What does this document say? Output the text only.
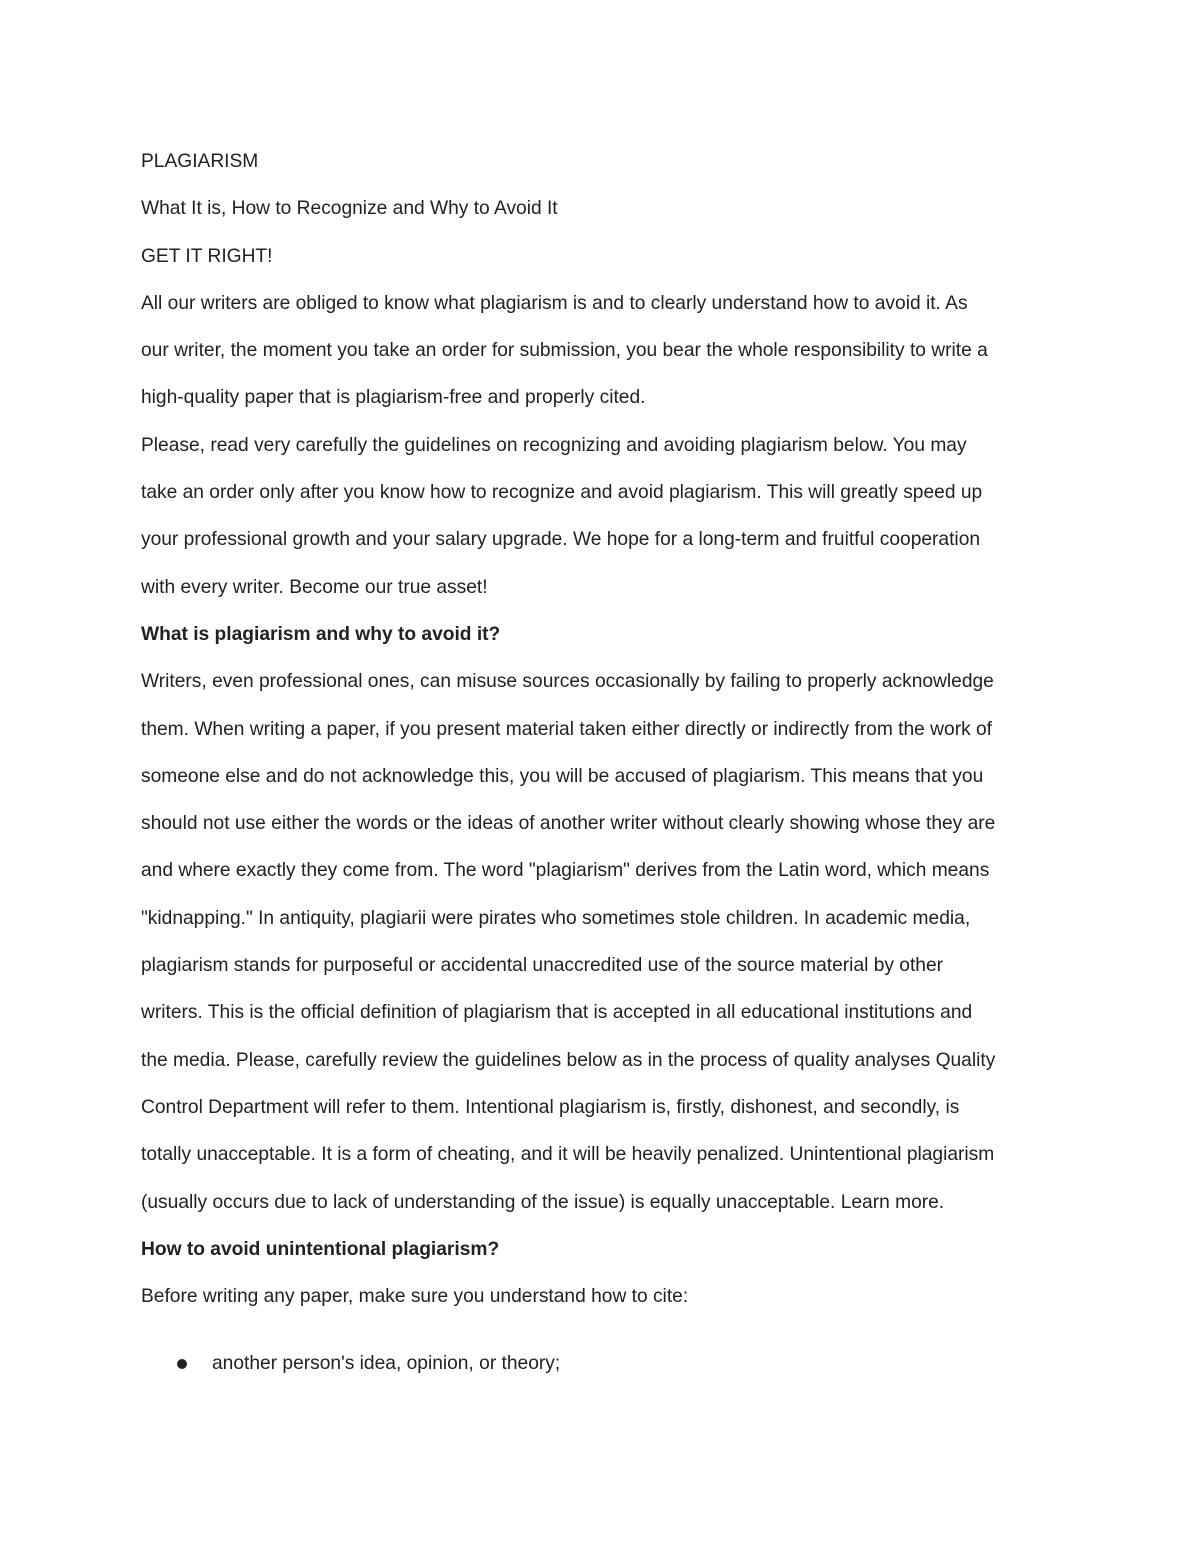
PLAGIARISM

What It is, How to Recognize and Why to Avoid It

GET IT RIGHT!

All our writers are obliged to know what plagiarism is and to clearly understand how to avoid it. As

our writer, the moment you take an order for submission, you bear the whole responsibility to write a

high-quality paper that is plagiarism-free and properly cited.

Please, read very carefully the guidelines on recognizing and avoiding plagiarism below. You may

take an order only after you know how to recognize and avoid plagiarism. This will greatly speed up

your professional growth and your salary upgrade. We hope for a long-term and fruitful cooperation

with every writer. Become our true asset!

What is plagiarism and why to avoid it?

Writers, even professional ones, can misuse sources occasionally by failing to properly acknowledge

them. When writing a paper, if you present material taken either directly or indirectly from the work of

someone else and do not acknowledge this, you will be accused of plagiarism. This means that you

should not use either the words or the ideas of another writer without clearly showing whose they are

and where exactly they come from. The word "plagiarism" derives from the Latin word, which means

"kidnapping." In antiquity, plagiarii were pirates who sometimes stole children. In academic media,

plagiarism stands for purposeful or accidental unaccredited use of the source material by other

writers. This is the official definition of plagiarism that is accepted in all educational institutions and

the media. Please, carefully review the guidelines below as in the process of quality analyses Quality

Control Department will refer to them. Intentional plagiarism is, firstly, dishonest, and secondly, is

totally unacceptable. It is a form of cheating, and it will be heavily penalized. Unintentional plagiarism

(usually occurs due to lack of understanding of the issue) is equally unacceptable. Learn more.

How to avoid unintentional plagiarism?

Before writing any paper, make sure you understand how to cite:

another person's idea, opinion, or theory;
